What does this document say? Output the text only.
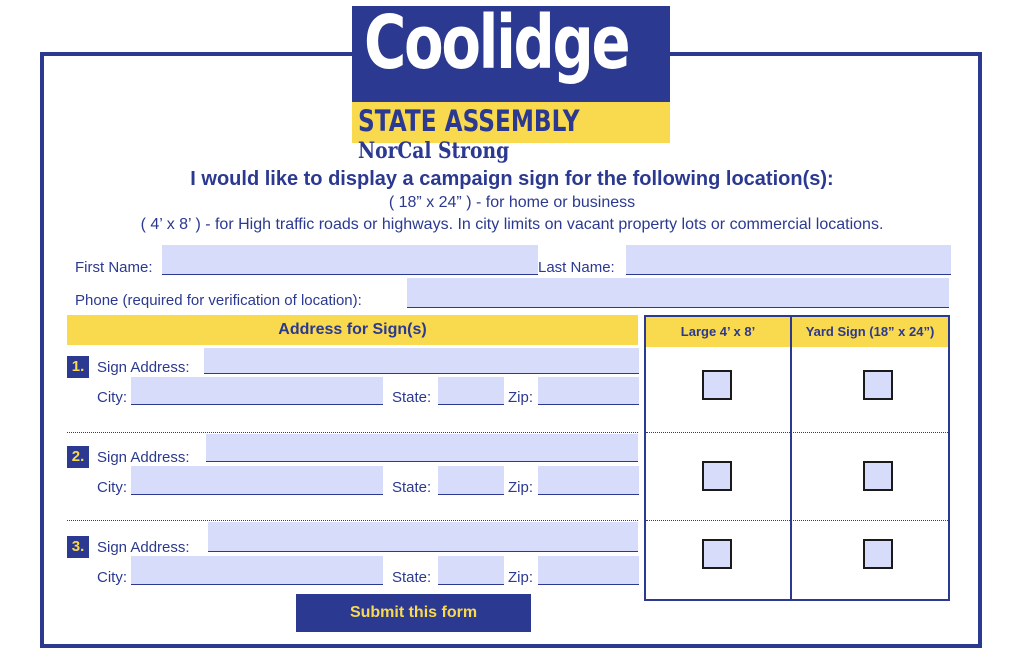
Coolidge
STATE ASSEMBLY
NorCal Strong
I would like to display a campaign sign for the following location(s):
( 18” x 24” ) - for home or business
( 4’ x 8’ ) - for High traffic roads or highways. In city limits on vacant property lots or commercial locations.
First Name:	Last Name:
Phone (required for verification of location):
Address for Sign(s)
1. Sign Address:
City:	State:	Zip:
2. Sign Address:
City:	State:	Zip:
3. Sign Address:
City:	State:	Zip:
Large 4’ x 8’	Yard Sign (18” x 24”)
Submit this form
